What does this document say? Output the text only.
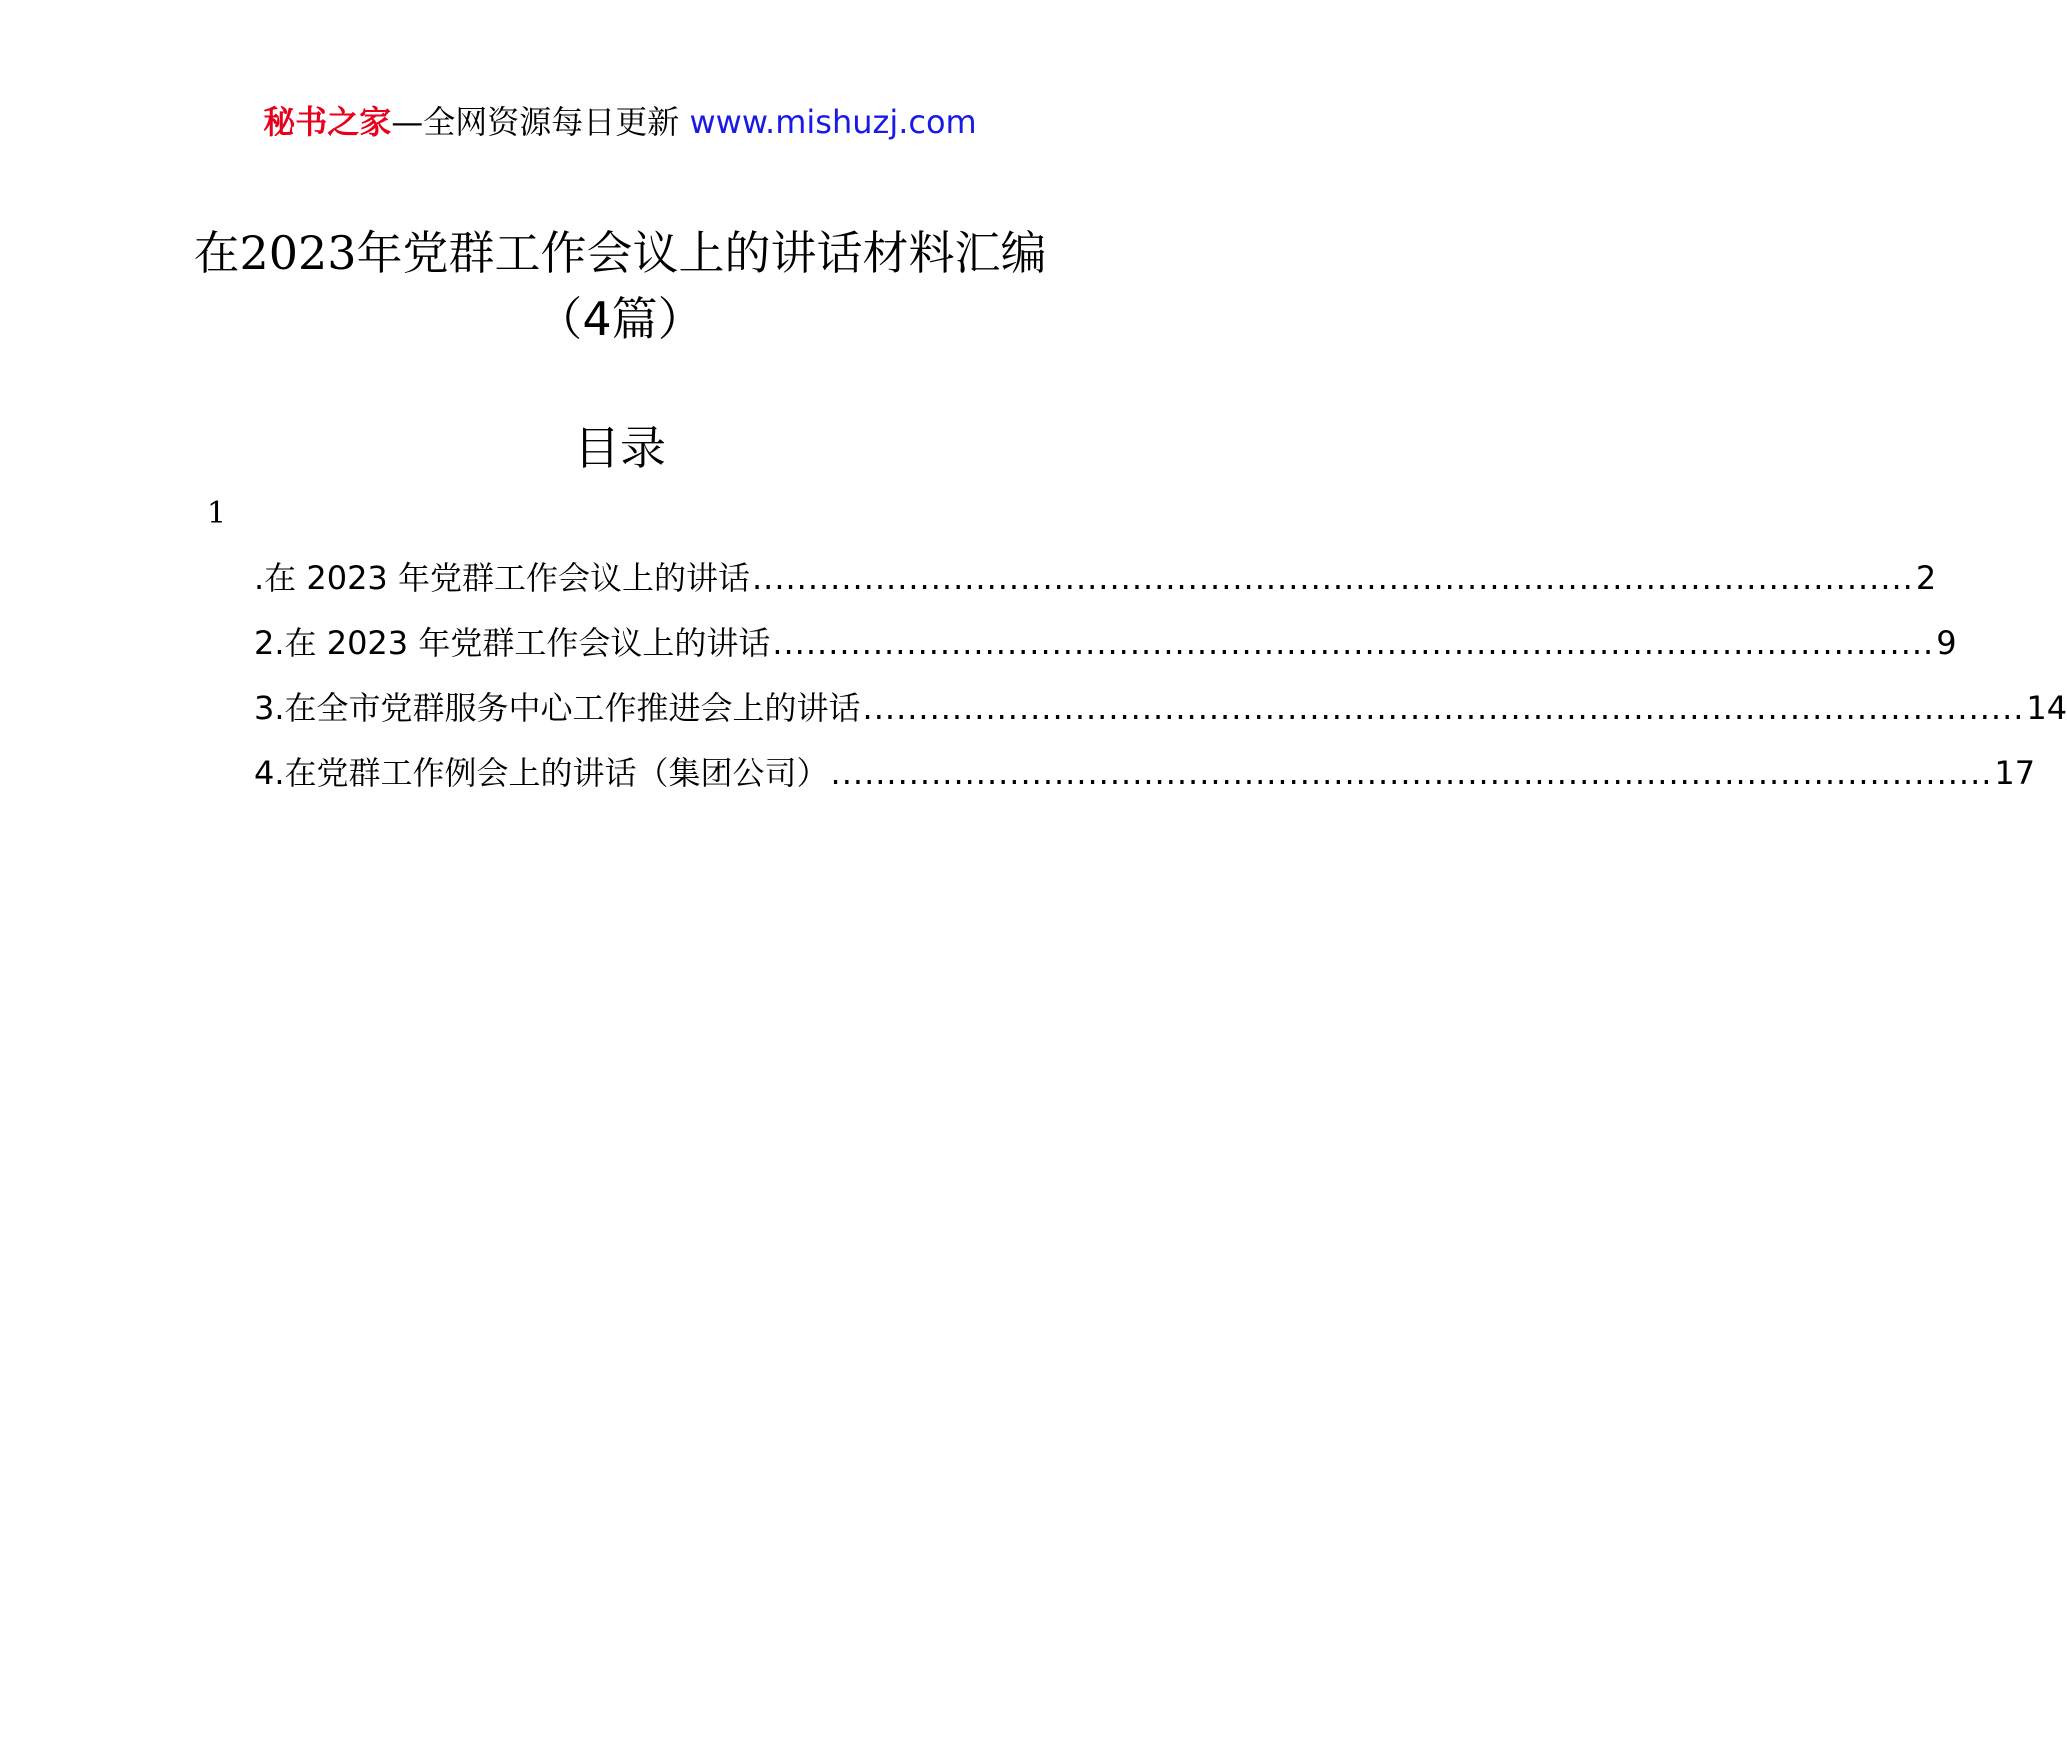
秘书之家—全网资源每日更新 www.mishuzj.com
在2023年党群工作会议上的讲话材料汇编
（4篇）
目录
1
.在 2023 年党群工作会议上的讲话 ........................................................................................................ 2
2.在 2023 年党群工作会议上的讲话 ........................................................................................................ 9
3.在全市党群服务中心工作推进会上的讲话 ........................................................................................................ 14
4.在党群工作例会上的讲话（集团公司） ........................................................................................................ 17
